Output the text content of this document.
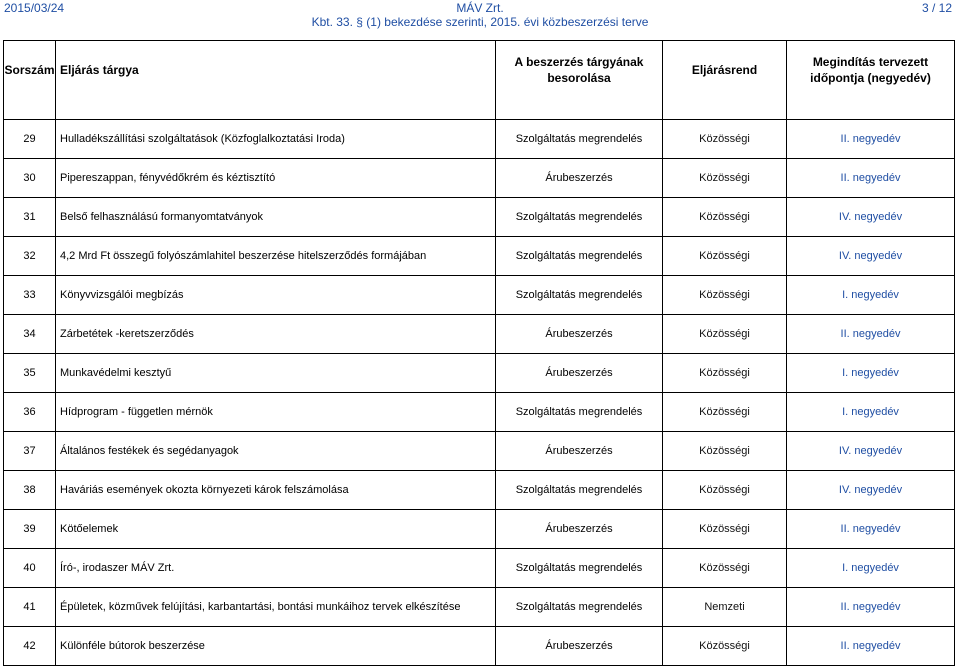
2015/03/24	MÁV Zrt.
Kbt. 33. § (1) bekezdése szerinti, 2015. évi közbeszerzési terve
3 / 12
Sorszám	Eljárás tárgya	A beszerzés tárgyának besorolása	Eljárásrend	Megindítás tervezett időpontja (negyedév)

29	Hulladékszállítási szolgáltatások (Közfoglalkoztatási Iroda)	Szolgáltatás megrendelés	Közösségi	II. negyedév
30	Pipereszappan, fényvédőkrém és kéztisztító	Árubeszerzés	Közösségi	II. negyedév
31	Belső felhasználású formanyomtatványok	Szolgáltatás megrendelés	Közösségi	IV. negyedév
32	4,2 Mrd Ft összegű folyószámlahitel beszerzése hitelszerződés formájában	Szolgáltatás megrendelés	Közösségi	IV. negyedév
33	Könyvvizsgálói megbízás	Szolgáltatás megrendelés	Közösségi	I. negyedév
34	Zárbetétek -keretszerződés	Árubeszerzés	Közösségi	II. negyedév
35	Munkavédelmi kesztyű	Árubeszerzés	Közösségi	I. negyedév
36	Hídprogram - független mérnök	Szolgáltatás megrendelés	Közösségi	I. negyedév
37	Általános festékek és segédanyagok	Árubeszerzés	Közösségi	IV. negyedév
38	Haváriás események okozta környezeti károk felszámolása	Szolgáltatás megrendelés	Közösségi	IV. negyedév
39	Kötőelemek	Árubeszerzés	Közösségi	II. negyedév
40	Író-, irodaszer MÁV Zrt.	Szolgáltatás megrendelés	Közösségi	I. negyedév
41	Épületek, közművek felújítási, karbantartási, bontási munkáihoz tervek elkészítése	Szolgáltatás megrendelés	Nemzeti	II. negyedév
42	Különféle bútorok beszerzése	Árubeszerzés	Közösségi	II. negyedév
